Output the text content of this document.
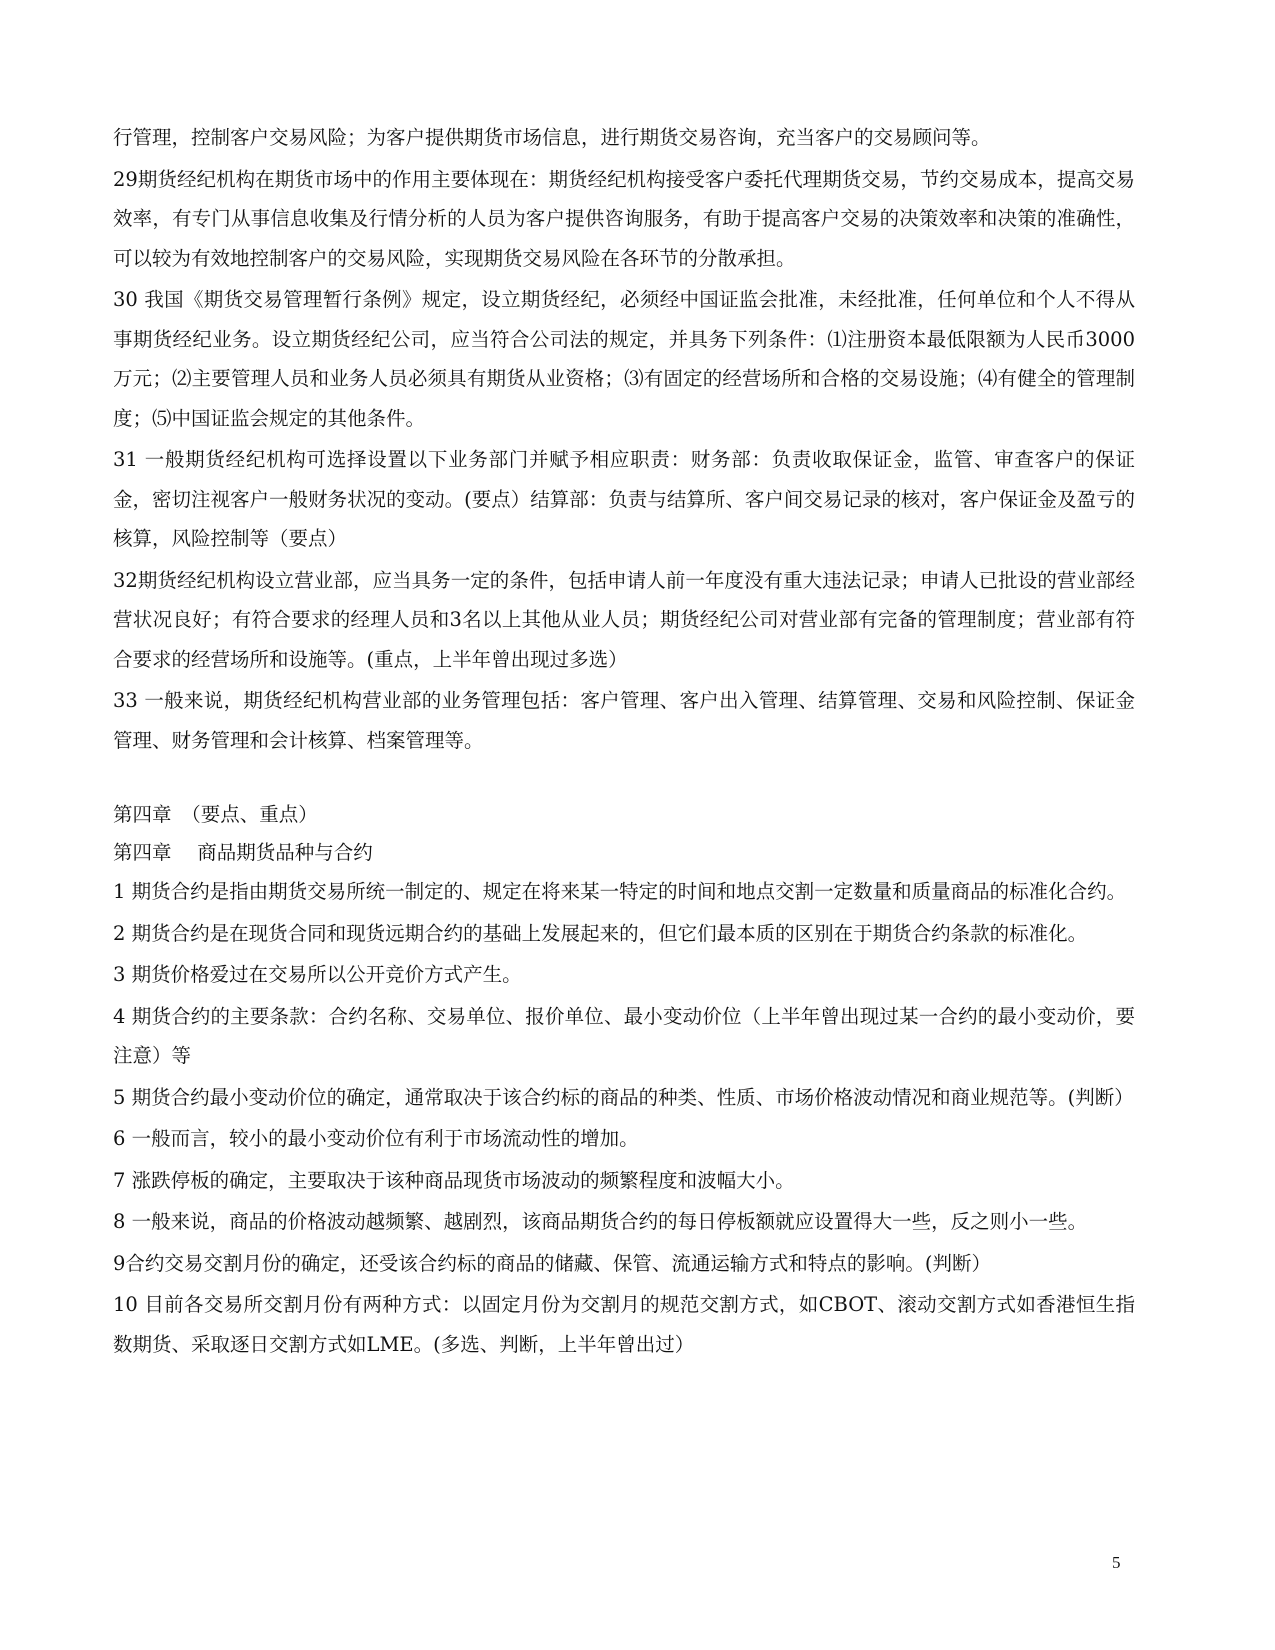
行管理，控制客户交易风险；为客户提供期货市场信息，进行期货交易咨询，充当客户的交易顾问等。

29期货经纪机构在期货市场中的作用主要体现在：期货经纪机构接受客户委托代理期货交易，节约交易成本，提高交易效率，有专门从事信息收集及行情分析的人员为客户提供咨询服务，有助于提高客户交易的决策效率和决策的准确性，可以较为有效地控制客户的交易风险，实现期货交易风险在各环节的分散承担。

30 我国《期货交易管理暂行条例》规定，设立期货经纪，必须经中国证监会批准，未经批准，任何单位和个人不得从事期货经纪业务。设立期货经纪公司，应当符合公司法的规定，并具务下列条件：⑴注册资本最低限额为人民币3000万元；⑵主要管理人员和业务人员必须具有期货从业资格；⑶有固定的经营场所和合格的交易设施；⑷有健全的管理制度；⑸中国证监会规定的其他条件。

31 一般期货经纪机构可选择设置以下业务部门并赋予相应职责：财务部：负责收取保证金，监管、审查客户的保证金，密切注视客户一般财务状况的变动。(要点）结算部：负责与结算所、客户间交易记录的核对，客户保证金及盈亏的核算，风险控制等（要点）

32期货经纪机构设立营业部，应当具务一定的条件，包括申请人前一年度没有重大违法记录；申请人已批设的营业部经营状况良好；有符合要求的经理人员和3名以上其他从业人员；期货经纪公司对营业部有完备的管理制度；营业部有符合要求的经营场所和设施等。(重点，上半年曾出现过多选）

33 一般来说，期货经纪机构营业部的业务管理包括：客户管理、客户出入管理、结算管理、交易和风险控制、保证金管理、财务管理和会计核算、档案管理等。

第四章　（要点、重点）

第四章　 商品期货品种与合约

1 期货合约是指由期货交易所统一制定的、规定在将来某一特定的时间和地点交割一定数量和质量商品的标准化合约。

2 期货合约是在现货合同和现货远期合约的基础上发展起来的，但它们最本质的区别在于期货合约条款的标准化。

3 期货价格爱过在交易所以公开竞价方式产生。

4 期货合约的主要条款：合约名称、交易单位、报价单位、最小变动价位（上半年曾出现过某一合约的最小变动价，要注意）等

5 期货合约最小变动价位的确定，通常取决于该合约标的商品的种类、性质、市场价格波动情况和商业规范等。(判断）

6 一般而言，较小的最小变动价位有利于市场流动性的增加。

7 涨跌停板的确定，主要取决于该种商品现货市场波动的频繁程度和波幅大小。

8 一般来说，商品的价格波动越频繁、越剧烈，该商品期货合约的每日停板额就应设置得大一些，反之则小一些。

9合约交易交割月份的确定，还受该合约标的商品的储藏、保管、流通运输方式和特点的影响。(判断）

10 目前各交易所交割月份有两种方式：以固定月份为交割月的规范交割方式，如CBOT、滚动交割方式如香港恒生指数期货、采取逐日交割方式如LME。(多选、判断，上半年曾出过）

5
